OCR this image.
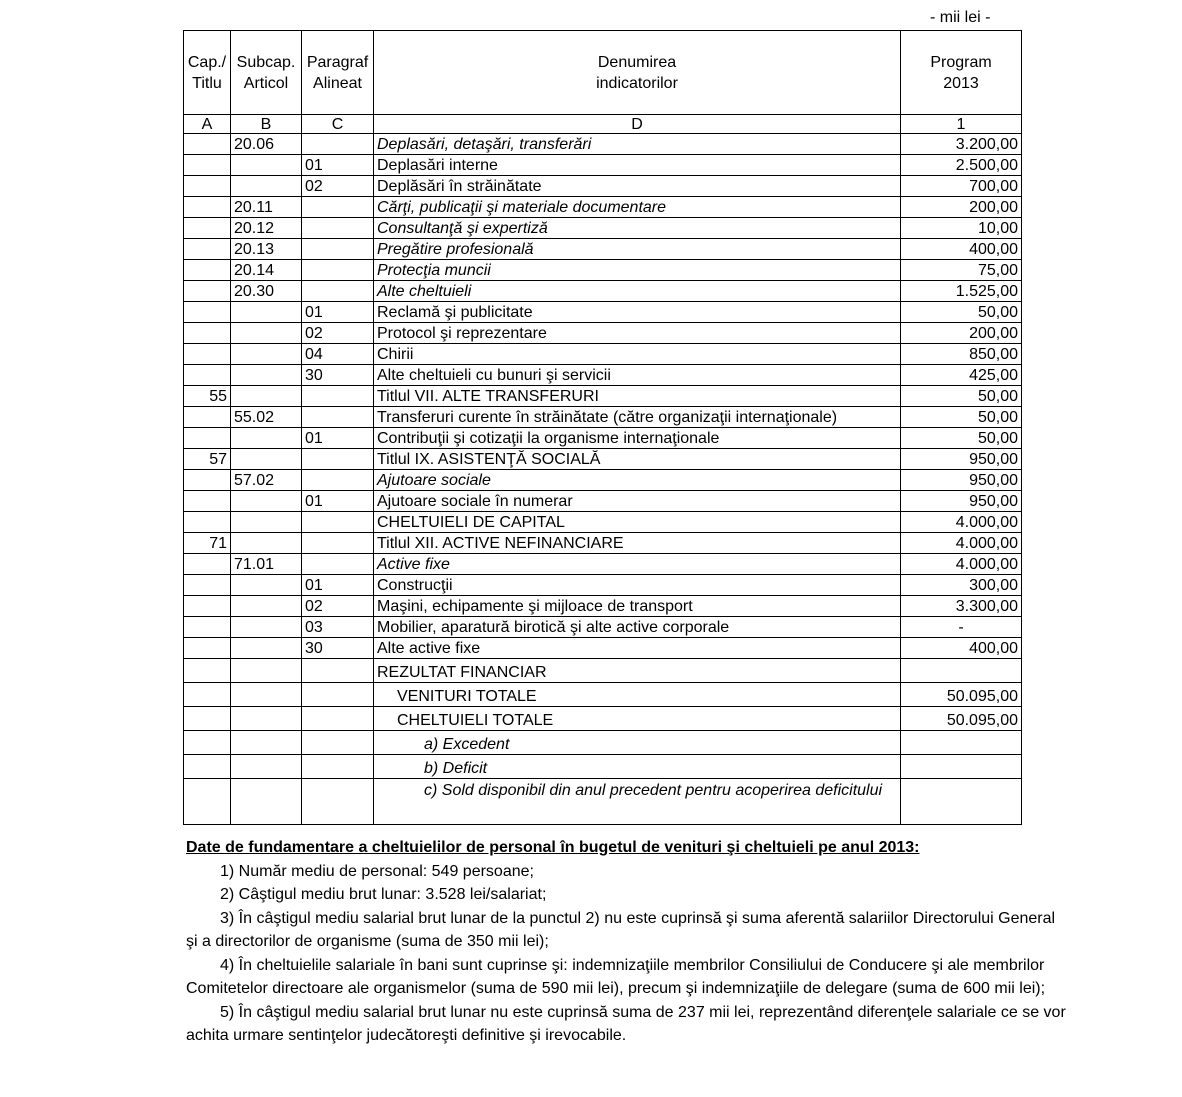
- mii lei -
Cap./ Titlu	Subcap. Articol	Paragraf Alineat	Denumirea indicatorilor	Program 2013
A	B	C	D	1
	20.06		Deplasări, detaşări, transferări	3.200,00
		01	Deplasări interne	2.500,00
		02	Deplăsări în străinătate	700,00
	20.11		Cărţi, publicaţii şi materiale documentare	200,00
	20.12		Consultanţă şi expertiză	10,00
	20.13		Pregătire profesională	400,00
	20.14		Protecţia muncii	75,00
	20.30		Alte cheltuieli	1.525,00
		01	Reclamă şi publicitate	50,00
		02	Protocol şi reprezentare	200,00
		04	Chirii	850,00
		30	Alte cheltuieli cu bunuri şi servicii	425,00
55			Titlul VII. ALTE TRANSFERURI	50,00
	55.02		Transferuri curente în străinătate (către organizaţii internaţionale)	50,00
		01	Contribuţii şi cotizaţii la organisme internaţionale	50,00
57			Titlul IX. ASISTENŢĂ SOCIALĂ	950,00
	57.02		Ajutoare sociale	950,00
		01	Ajutoare sociale în numerar	950,00
			CHELTUIELI DE CAPITAL	4.000,00
71			Titlul XII. ACTIVE NEFINANCIARE	4.000,00
	71.01		Active fixe	4.000,00
		01	Construcţii	300,00
		02	Maşini, echipamente şi mijloace de transport	3.300,00
		03	Mobilier, aparatură birotică şi alte active corporale	-
		30	Alte active fixe	400,00
			REZULTAT FINANCIAR	
			VENITURI TOTALE	50.095,00
			CHELTUIELI TOTALE	50.095,00
			a) Excedent	
			b) Deficit	
			c) Sold disponibil din anul precedent pentru acoperirea deficitului	
Date de fundamentare a cheltuielilor de personal în bugetul de venituri şi cheltuieli pe anul 2013:

1) Număr mediu de personal: 549 persoane;

2) Câştigul mediu brut lunar: 3.528 lei/salariat;

3) În câştigul mediu salarial brut lunar de la punctul 2) nu este cuprinsă şi suma aferentă salariilor Directorului General şi a directorilor de organisme (suma de 350 mii lei);

4) În cheltuielile salariale în bani sunt cuprinse şi: indemnizaţiile membrilor Consiliului de Conducere şi ale membrilor Comitetelor directoare ale organismelor (suma de 590 mii lei), precum şi indemnizaţiile de delegare (suma de 600 mii lei);

5) În câştigul mediu salarial brut lunar nu este cuprinsă suma de 237 mii lei, reprezentând diferenţele salariale ce se vor achita urmare sentinţelor judecătoreşti definitive şi irevocabile.
